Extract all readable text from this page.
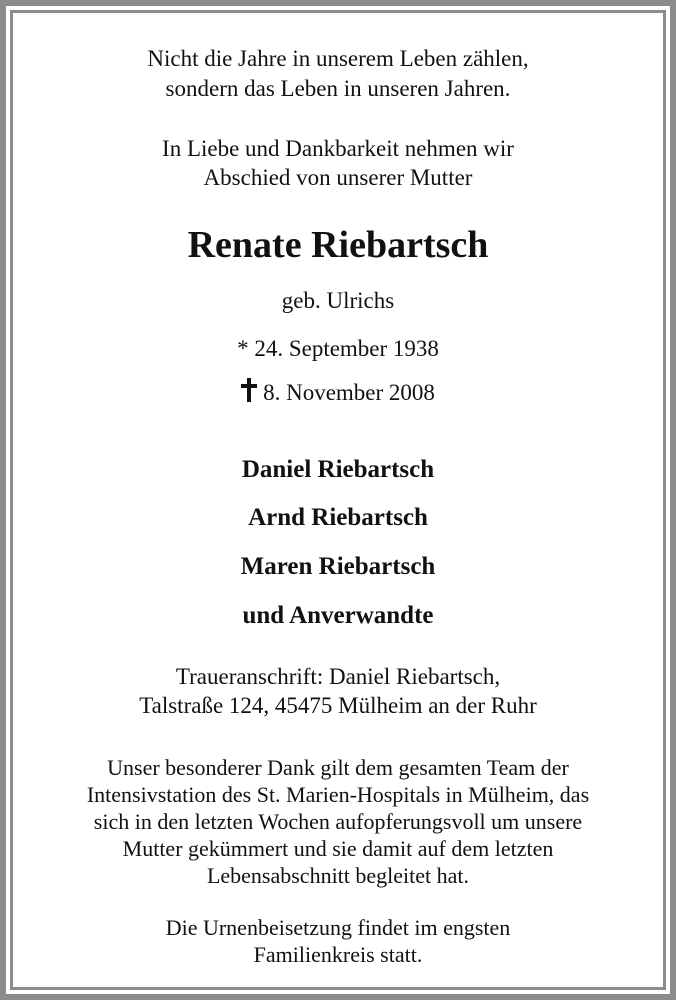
Nicht die Jahre in unserem Leben zählen,

sondern das Leben in unseren Jahren.

In Liebe und Dankbarkeit nehmen wir

Abschied von unserer Mutter

Renate Riebartsch

geb. Ulrichs

* 24. September 1938

8. November 2008

Daniel Riebartsch

Arnd Riebartsch

Maren Riebartsch

und Anverwandte

Traueranschrift: Daniel Riebartsch,

Talstraße 124, 45475 Mülheim an der Ruhr

Unser besonderer Dank gilt dem gesamten Team der

Intensivstation des St. Marien-Hospitals in Mülheim, das

sich in den letzten Wochen aufopferungsvoll um unsere

Mutter gekümmert und sie damit auf dem letzten

Lebensabschnitt begleitet hat.

Die Urnenbeisetzung findet im engsten

Familienkreis statt.
